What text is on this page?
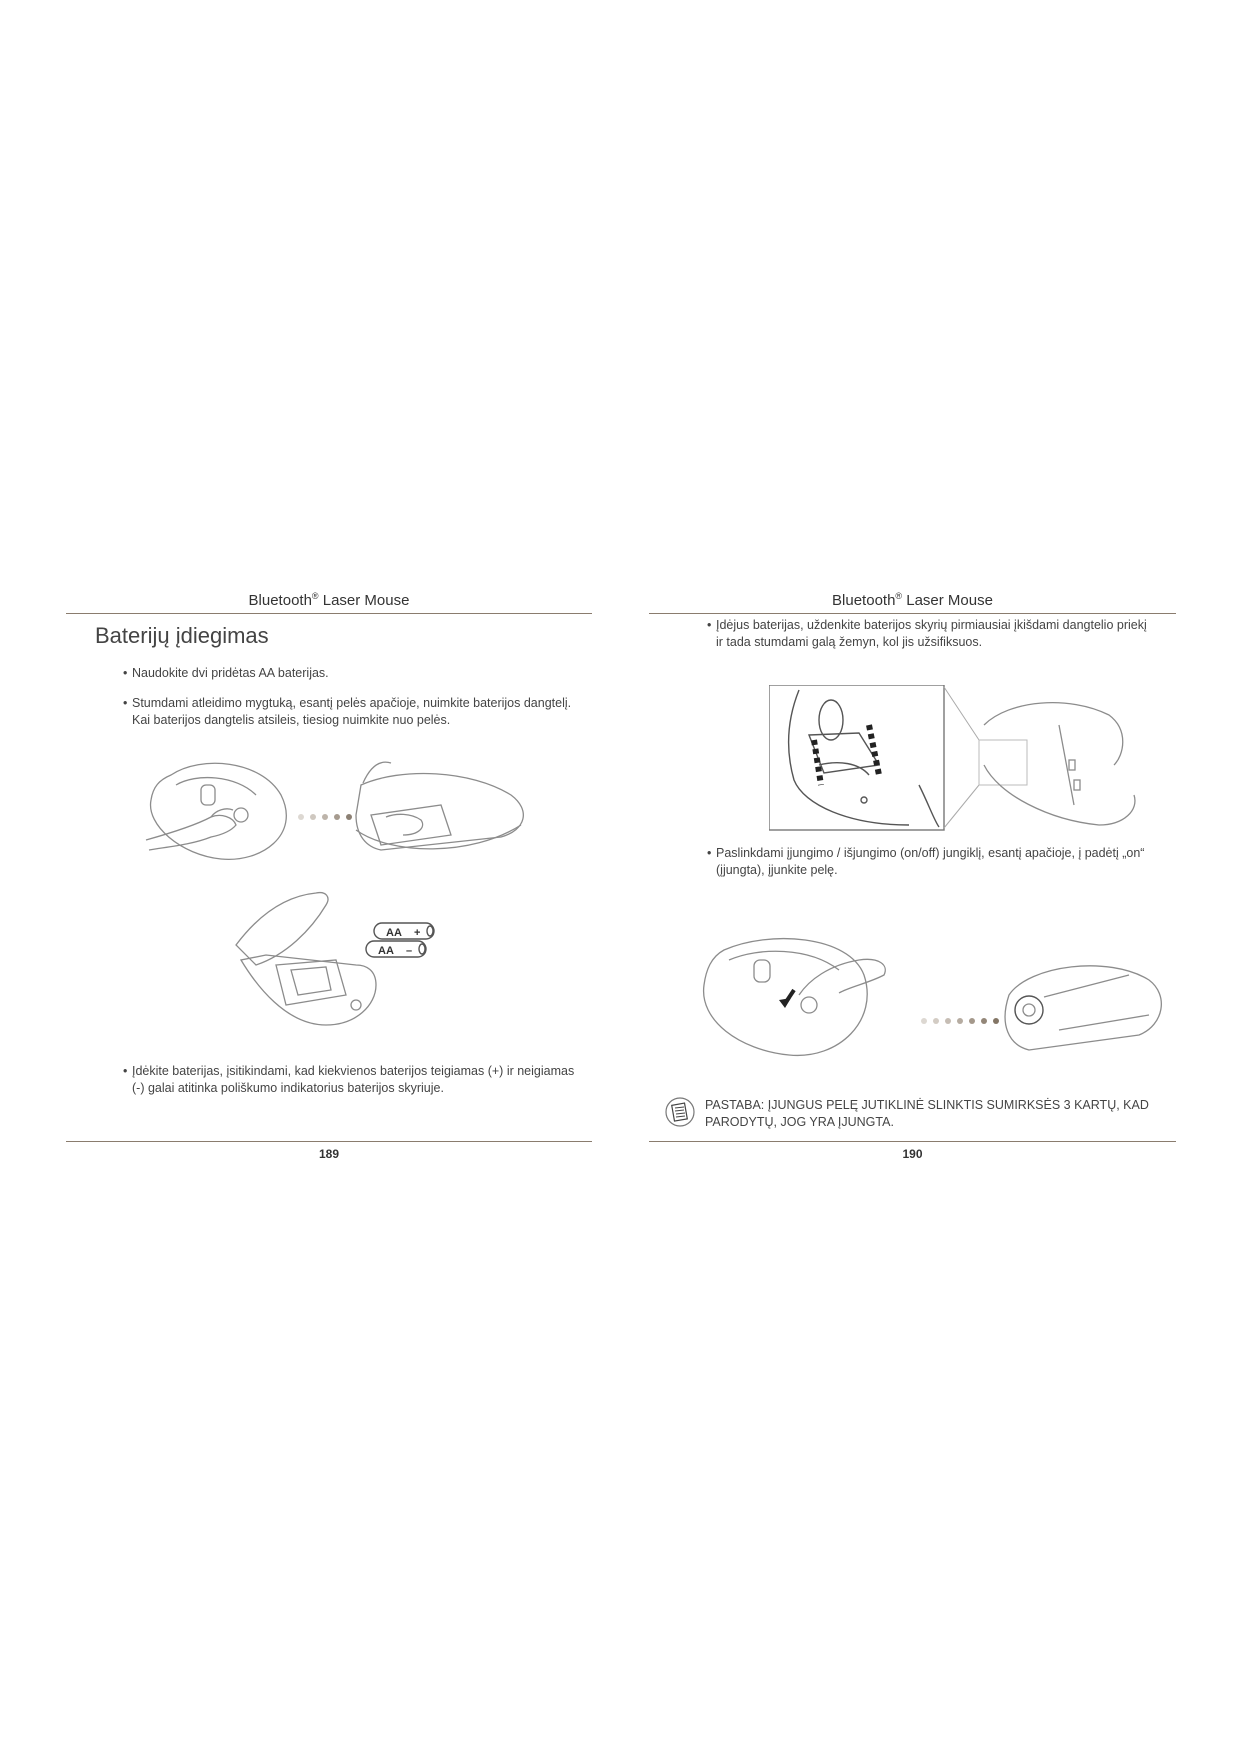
Bluetooth® Laser Mouse
Baterijų įdiegimas
• Naudokite dvi pridėtas AA baterijas.
• Stumdami atleidimo mygtuką, esantį pelės apačioje, nuimkite baterijos dangtelį. Kai baterijos dangtelis atsileis, tiesiog nuimkite nuo pelės.
AA +
AA –
• Įdėkite baterijas, įsitikindami, kad kiekvienos baterijos teigiamas (+) ir neigiamas (-) galai atitinka poliškumo indikatorius baterijos skyriuje.
189
Bluetooth® Laser Mouse
• Įdėjus baterijas, uždenkite baterijos skyrių pirmiausiai įkišdami dangtelio priekį ir tada stumdami galą žemyn, kol jis užsifiksuos.
• Paslinkdami įjungimo / išjungimo (on/off) jungiklį, esantį apačioje, į padėtį „on“ (įjungta), įjunkite pelę.
PASTABA: ĮJUNGUS PELĘ JUTIKLINĖ SLINKTIS SUMIRKSĖS 3 KARTŲ, KAD PARODYTŲ, JOG YRA ĮJUNGTA.
190
